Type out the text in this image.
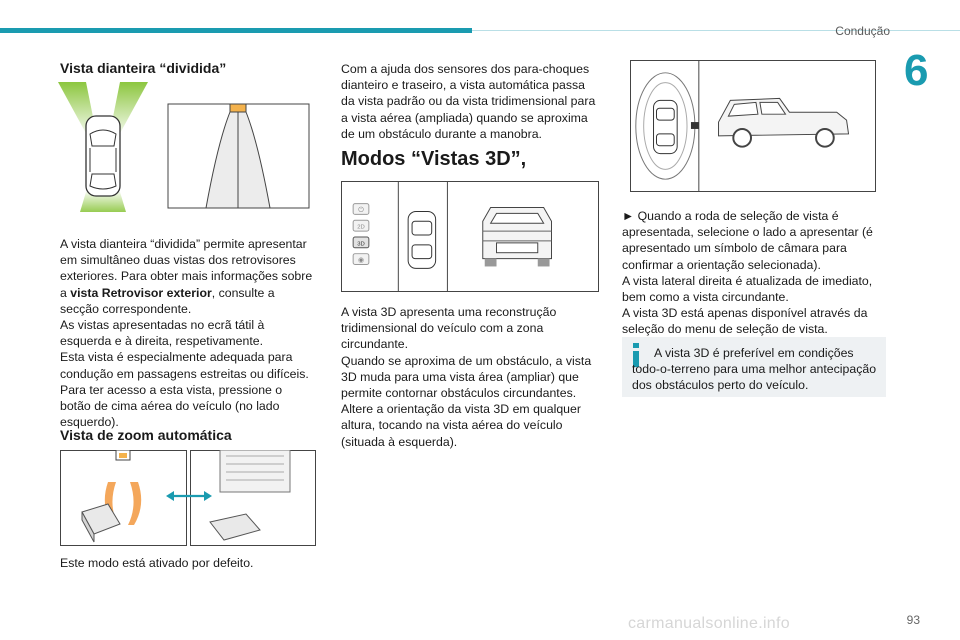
Condução
6
Vista dianteira “dividida”

A vista dianteira “dividida” permite apresentar em simultâneo duas vistas dos retrovisores exteriores. Para obter mais informações sobre a vista Retrovisor exterior, consulte a secção correspondente.

As vistas apresentadas no ecrã tátil à esquerda e à direita, respetivamente.

Esta vista é especialmente adequada para condução em passagens estreitas ou difíceis.

Para ter acesso a esta vista, pressione o botão de cima aérea do veículo (no lado esquerdo).

Vista de zoom automática
Este modo está ativado por defeito.
Com a ajuda dos sensores dos para-choques dianteiro e traseiro, a vista automática passa da vista padrão ou da vista tridimensional para a vista aérea (ampliada) quando se aproxima de um obstáculo durante a manobra.
Modos “Vistas 3D”,
⏻
2D
3D
◉

A vista 3D apresenta uma reconstrução tridimensional do veículo com a zona circundante.

Quando se aproxima de um obstáculo, a vista 3D muda para uma vista área (ampliar) que permite contornar obstáculos circundantes.

Altere a orientação da vista 3D em qualquer altura, tocando na vista aérea do veículo (situada à esquerda).

► Quando a roda de seleção de vista é apresentada, selecione o lado a apresentar (é apresentado um símbolo de câmara para confirmar a orientação selecionada).

A vista lateral direita é atualizada de imediato, bem como a vista circundante.

A vista 3D está apenas disponível através da seleção do menu de seleção de vista.

A vista 3D é preferível em condições todo-o-terreno para uma melhor antecipação dos obstáculos perto do veículo.
carmanualsonline.info	93
